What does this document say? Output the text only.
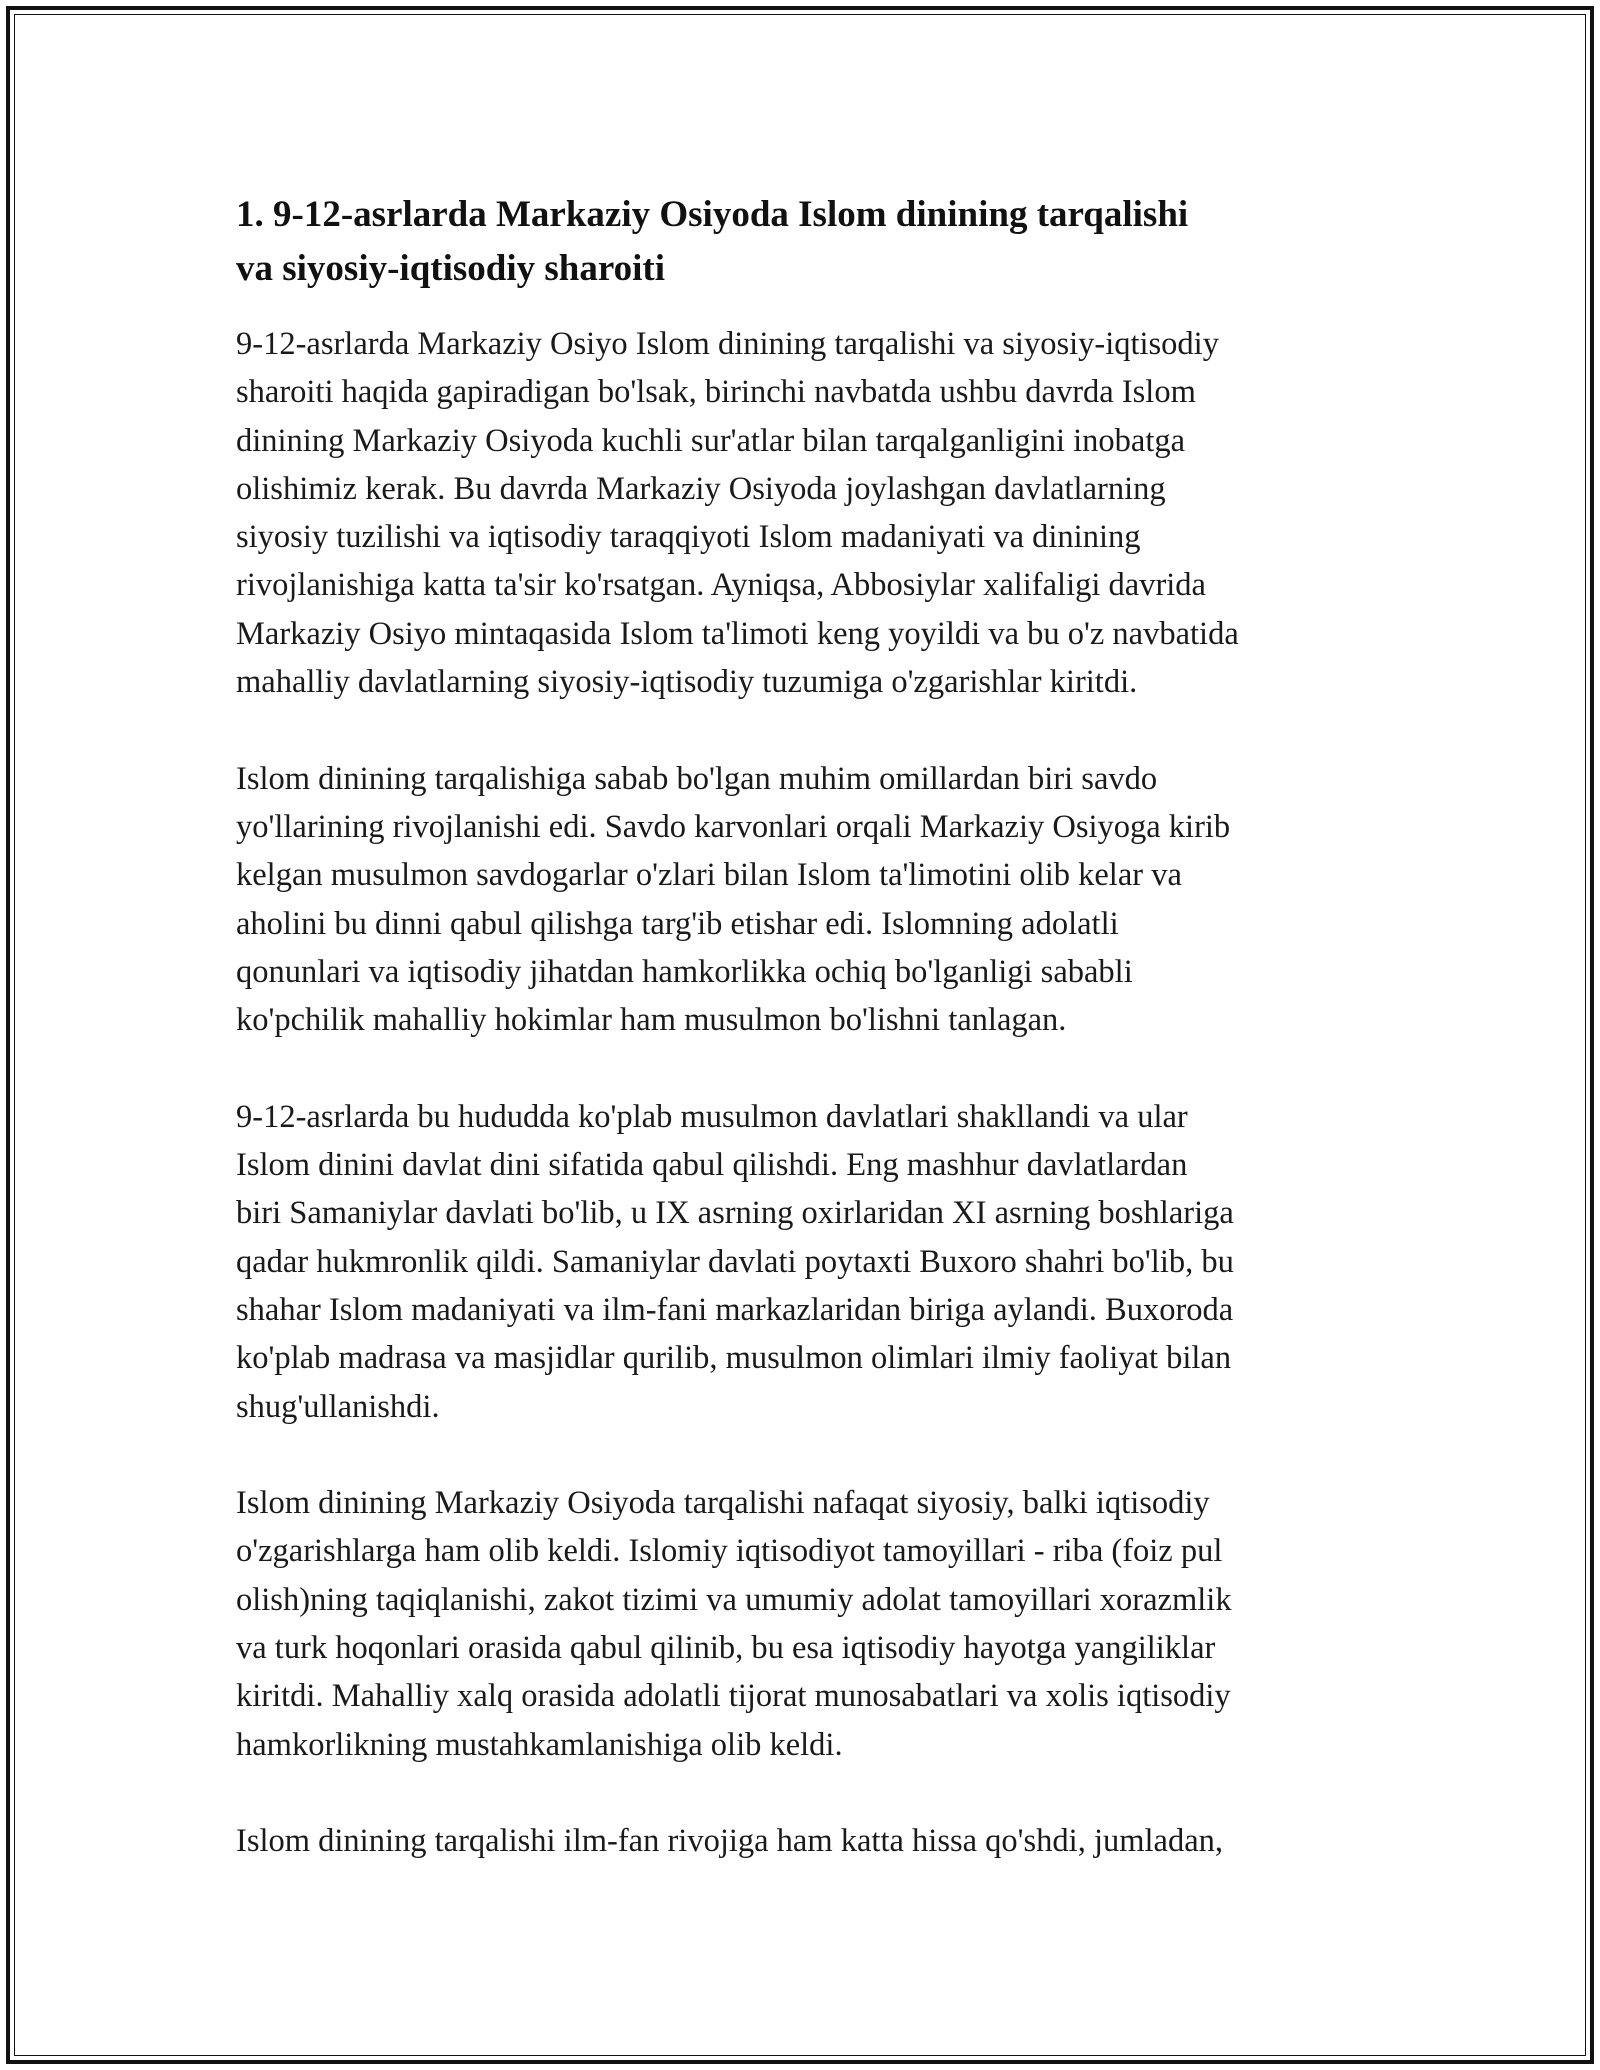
1. 9-12-asrlarda Markaziy Osiyoda Islom dinining tarqalishi
va siyosiy-iqtisodiy sharoiti

9-12-asrlarda Markaziy Osiyo Islom dinining tarqalishi va siyosiy-iqtisodiy
sharoiti haqida gapiradigan bo'lsak, birinchi navbatda ushbu davrda Islom
dinining Markaziy Osiyoda kuchli sur'atlar bilan tarqalganligini inobatga
olishimiz kerak. Bu davrda Markaziy Osiyoda joylashgan davlatlarning
siyosiy tuzilishi va iqtisodiy taraqqiyoti Islom madaniyati va dinining
rivojlanishiga katta ta'sir ko'rsatgan. Ayniqsa, Abbosiylar xalifaligi davrida
Markaziy Osiyo mintaqasida Islom ta'limoti keng yoyildi va bu o'z navbatida
mahalliy davlatlarning siyosiy-iqtisodiy tuzumiga o'zgarishlar kiritdi.

Islom dinining tarqalishiga sabab bo'lgan muhim omillardan biri savdo
yo'llarining rivojlanishi edi. Savdo karvonlari orqali Markaziy Osiyoga kirib
kelgan musulmon savdogarlar o'zlari bilan Islom ta'limotini olib kelar va
aholini bu dinni qabul qilishga targ'ib etishar edi. Islomning adolatli
qonunlari va iqtisodiy jihatdan hamkorlikka ochiq bo'lganligi sababli
ko'pchilik mahalliy hokimlar ham musulmon bo'lishni tanlagan.

9-12-asrlarda bu hududda ko'plab musulmon davlatlari shakllandi va ular
Islom dinini davlat dini sifatida qabul qilishdi. Eng mashhur davlatlardan
biri Samaniylar davlati bo'lib, u IX asrning oxirlaridan XI asrning boshlariga
qadar hukmronlik qildi. Samaniylar davlati poytaxti Buxoro shahri bo'lib, bu
shahar Islom madaniyati va ilm-fani markazlaridan biriga aylandi. Buxoroda
ko'plab madrasa va masjidlar qurilib, musulmon olimlari ilmiy faoliyat bilan
shug'ullanishdi.

Islom dinining Markaziy Osiyoda tarqalishi nafaqat siyosiy, balki iqtisodiy
o'zgarishlarga ham olib keldi. Islomiy iqtisodiyot tamoyillari - riba (foiz pul
olish)ning taqiqlanishi, zakot tizimi va umumiy adolat tamoyillari xorazmlik
va turk hoqonlari orasida qabul qilinib, bu esa iqtisodiy hayotga yangiliklar
kiritdi. Mahalliy xalq orasida adolatli tijorat munosabatlari va xolis iqtisodiy
hamkorlikning mustahkamlanishiga olib keldi.

Islom dinining tarqalishi ilm-fan rivojiga ham katta hissa qo'shdi, jumladan,
